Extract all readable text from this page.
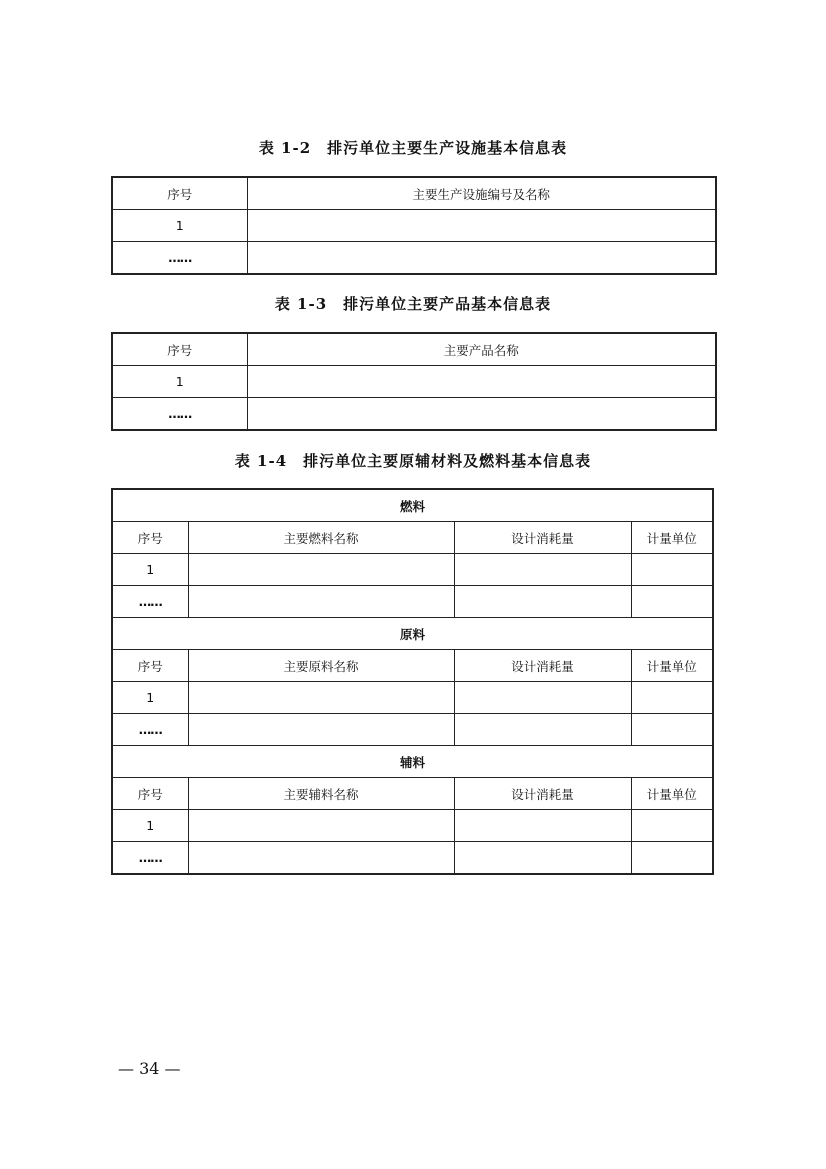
表 1-2　排污单位主要生产设施基本信息表
序号	主要生产设施编号及名称
1	
……	
表 1-3　排污单位主要产品基本信息表
序号	主要产品名称
1	
……	
表 1-4　排污单位主要原辅材料及燃料基本信息表
燃料			
序号	主要燃料名称	设计消耗量	计量单位
1			
……			
原料			
序号	主要原料名称	设计消耗量	计量单位
1			
……			
辅料			
序号	主要辅料名称	设计消耗量	计量单位
1			
……			
— 34 —
